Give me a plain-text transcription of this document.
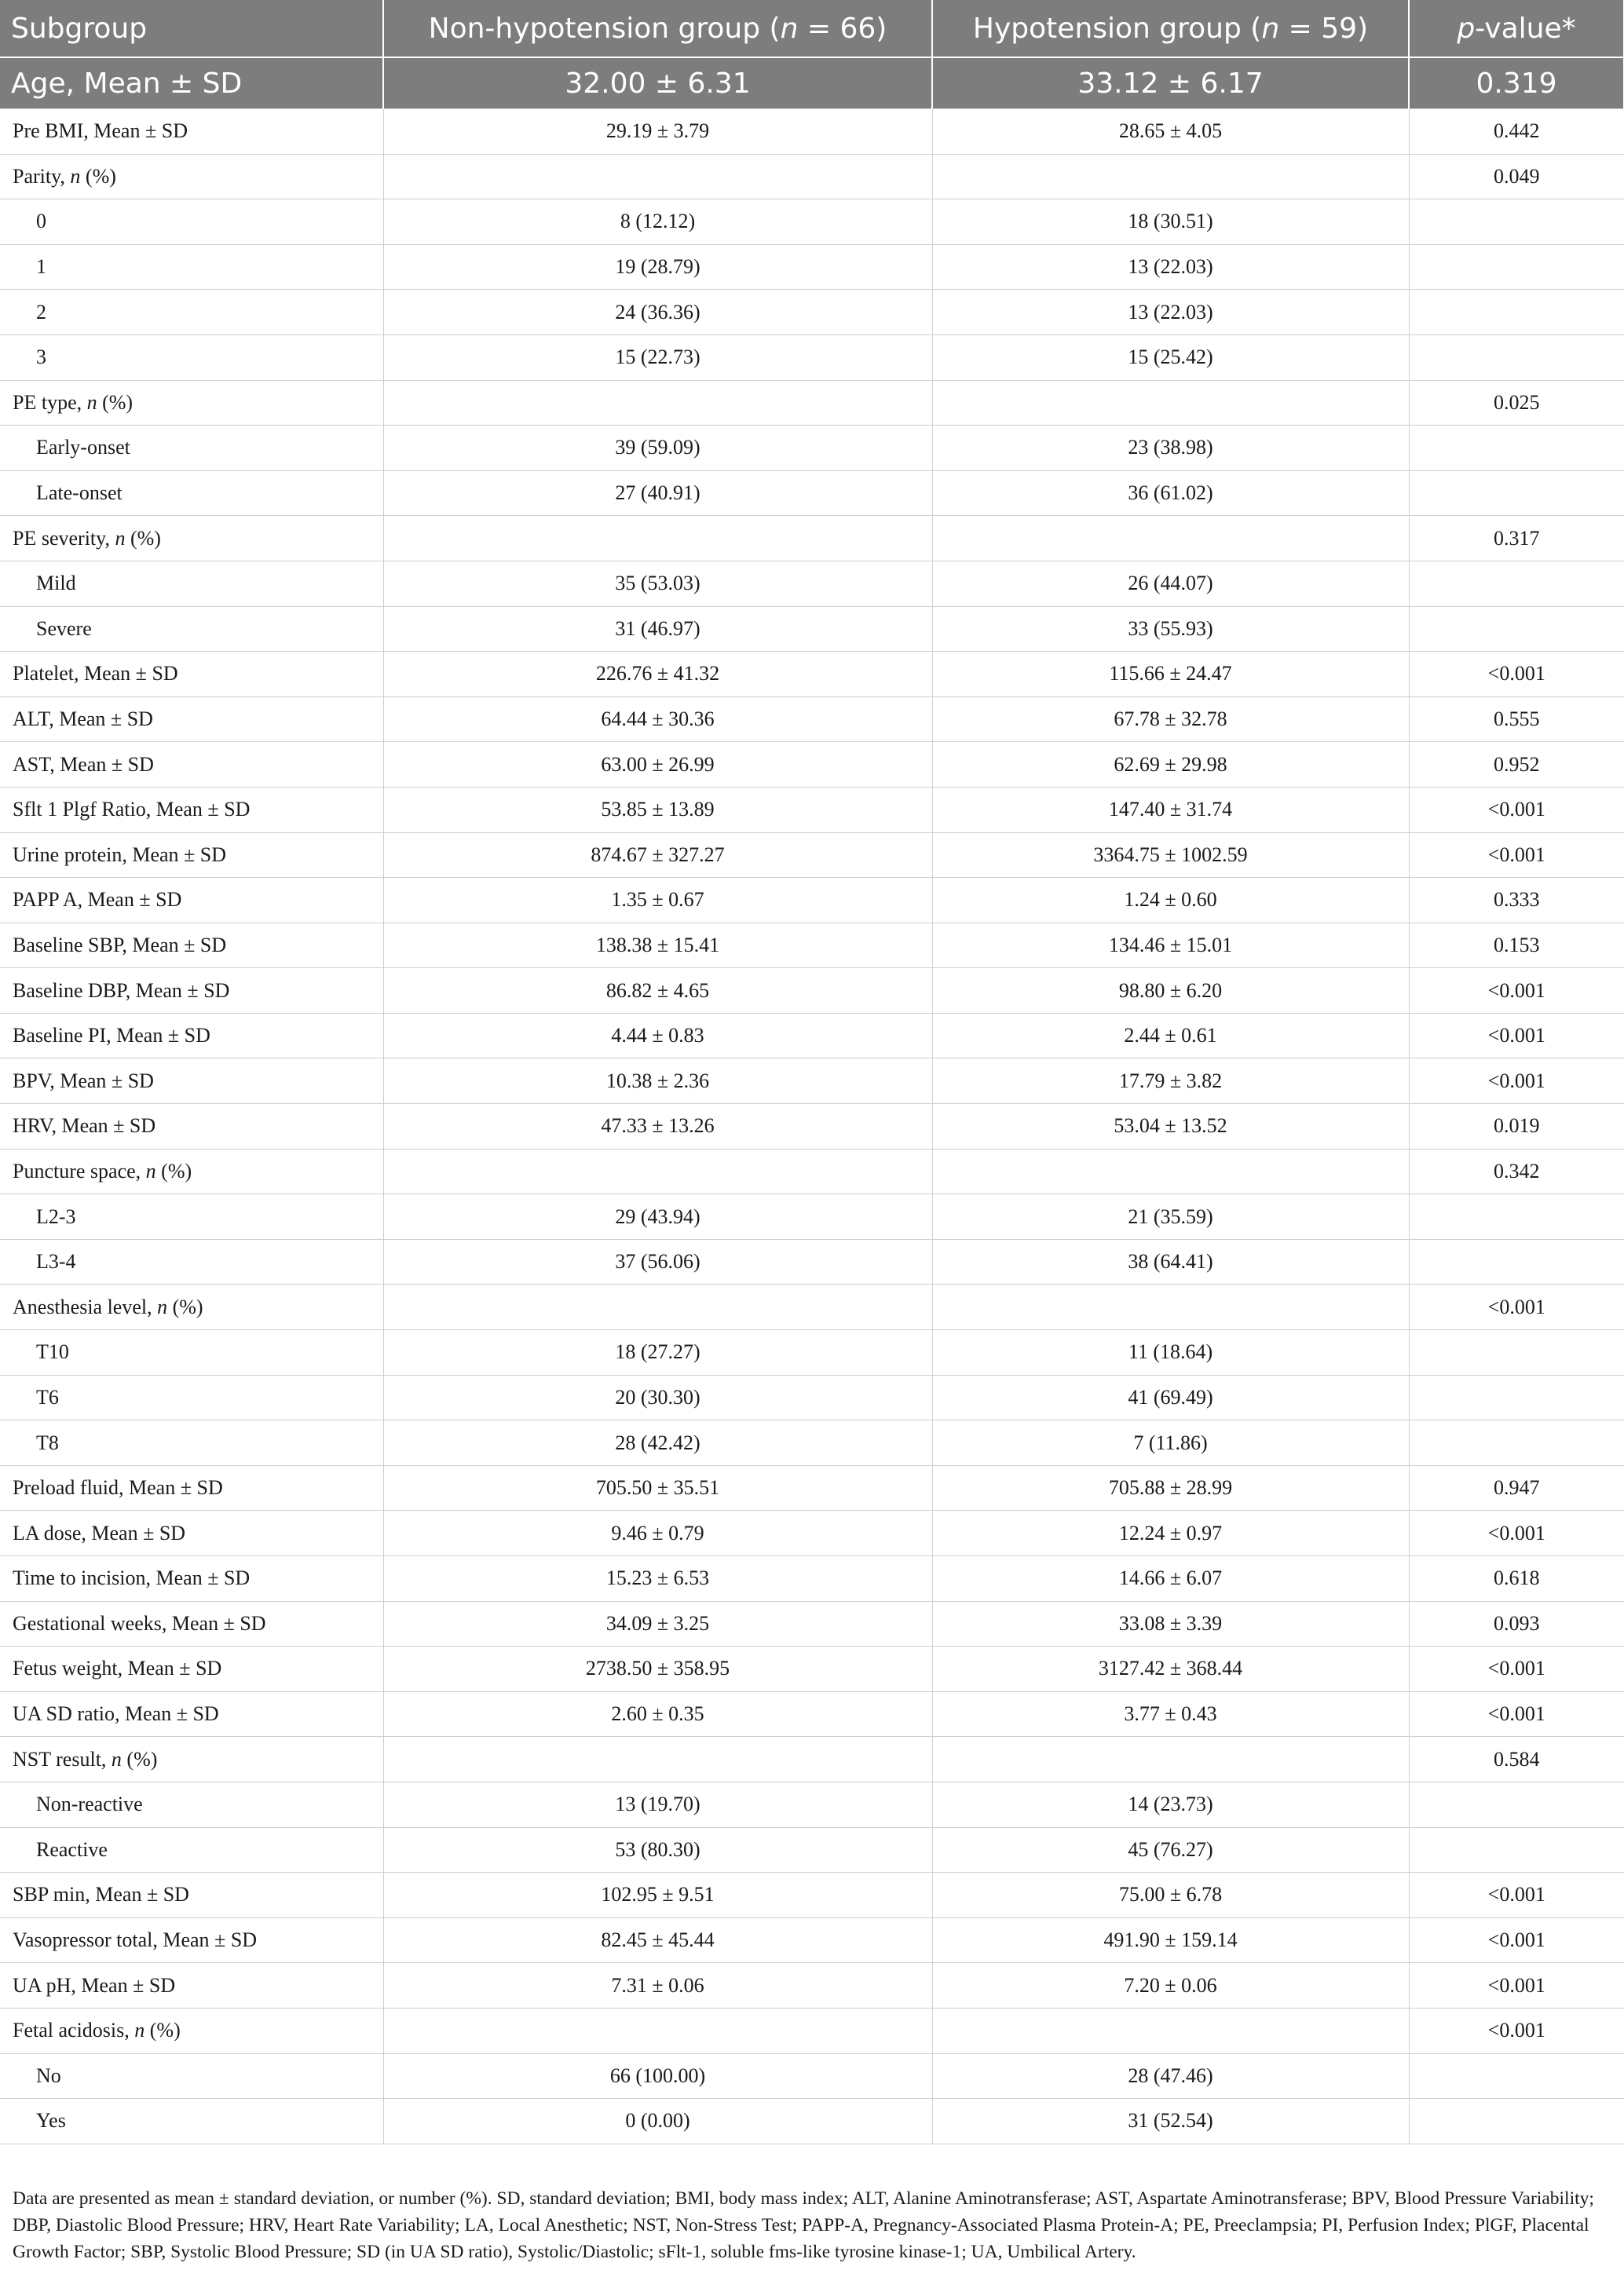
Subgroup	Non-hypotension group (n = 66)	Hypotension group (n = 59)	p-value*
Age, Mean ± SD	32.00 ± 6.31	33.12 ± 6.17	0.319
Pre BMI, Mean ± SD	29.19 ± 3.79	28.65 ± 4.05	0.442
Parity, n (%)			0.049
0	8 (12.12)	18 (30.51)	
1	19 (28.79)	13 (22.03)	
2	24 (36.36)	13 (22.03)	
3	15 (22.73)	15 (25.42)	
PE type, n (%)			0.025
Early-onset	39 (59.09)	23 (38.98)	
Late-onset	27 (40.91)	36 (61.02)	
PE severity, n (%)			0.317
Mild	35 (53.03)	26 (44.07)	
Severe	31 (46.97)	33 (55.93)	
Platelet, Mean ± SD	226.76 ± 41.32	115.66 ± 24.47	<0.001
ALT, Mean ± SD	64.44 ± 30.36	67.78 ± 32.78	0.555
AST, Mean ± SD	63.00 ± 26.99	62.69 ± 29.98	0.952
Sflt 1 Plgf Ratio, Mean ± SD	53.85 ± 13.89	147.40 ± 31.74	<0.001
Urine protein, Mean ± SD	874.67 ± 327.27	3364.75 ± 1002.59	<0.001
PAPP A, Mean ± SD	1.35 ± 0.67	1.24 ± 0.60	0.333
Baseline SBP, Mean ± SD	138.38 ± 15.41	134.46 ± 15.01	0.153
Baseline DBP, Mean ± SD	86.82 ± 4.65	98.80 ± 6.20	<0.001
Baseline PI, Mean ± SD	4.44 ± 0.83	2.44 ± 0.61	<0.001
BPV, Mean ± SD	10.38 ± 2.36	17.79 ± 3.82	<0.001
HRV, Mean ± SD	47.33 ± 13.26	53.04 ± 13.52	0.019
Puncture space, n (%)			0.342
L2-3	29 (43.94)	21 (35.59)	
L3-4	37 (56.06)	38 (64.41)	
Anesthesia level, n (%)			<0.001
T10	18 (27.27)	11 (18.64)	
T6	20 (30.30)	41 (69.49)	
T8	28 (42.42)	7 (11.86)	
Preload fluid, Mean ± SD	705.50 ± 35.51	705.88 ± 28.99	0.947
LA dose, Mean ± SD	9.46 ± 0.79	12.24 ± 0.97	<0.001
Time to incision, Mean ± SD	15.23 ± 6.53	14.66 ± 6.07	0.618
Gestational weeks, Mean ± SD	34.09 ± 3.25	33.08 ± 3.39	0.093
Fetus weight, Mean ± SD	2738.50 ± 358.95	3127.42 ± 368.44	<0.001
UA SD ratio, Mean ± SD	2.60 ± 0.35	3.77 ± 0.43	<0.001
NST result, n (%)			0.584
Non-reactive	13 (19.70)	14 (23.73)	
Reactive	53 (80.30)	45 (76.27)	
SBP min, Mean ± SD	102.95 ± 9.51	75.00 ± 6.78	<0.001
Vasopressor total, Mean ± SD	82.45 ± 45.44	491.90 ± 159.14	<0.001
UA pH, Mean ± SD	7.31 ± 0.06	7.20 ± 0.06	<0.001
Fetal acidosis, n (%)			<0.001
No	66 (100.00)	28 (47.46)	
Yes	0 (0.00)	31 (52.54)	
Data are presented as mean ± standard deviation, or number (%). SD, standard deviation; BMI, body mass index; ALT, Alanine Aminotransferase; AST, Aspartate Aminotransferase; BPV, Blood Pressure Variability; DBP, Diastolic Blood Pressure; HRV, Heart Rate Variability; LA, Local Anesthetic; NST, Non-Stress Test; PAPP-A, Pregnancy-Associated Plasma Protein-A; PE, Preeclampsia; PI, Perfusion Index; PlGF, Placental Growth Factor; SBP, Systolic Blood Pressure; SD (in UA SD ratio), Systolic/Diastolic; sFlt-1, soluble fms-like tyrosine kinase-1; UA, Umbilical Artery.
